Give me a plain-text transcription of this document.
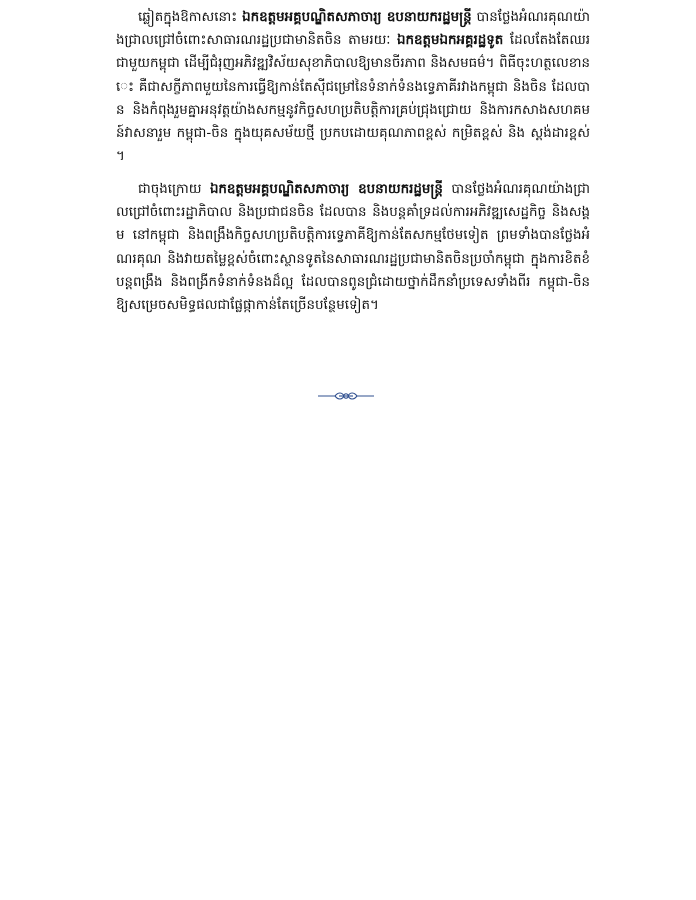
ឆ្លៀតក្នុងឱកាសនោះ ឯកឧត្តមអគ្គបណ្ឌិតសភាចារ្យ ឧបនាយករដ្ឋមន្ត្រី បានថ្លែងអំណរគុណយ៉ាងជ្រាលជ្រៅចំពោះសាធារណរដ្ឋប្រជាមានិតចិន តាមរយៈ ឯកឧត្តមឯកអគ្គរដ្ឋទូត ដែលតែងតែឈរជាមួយកម្ពុជា ដើម្បីជំរុញអភិវឌ្ឍវិស័យសុខាភិបាលឱ្យមានចីរភាព និងសមធម៌។ ពិធីចុះហត្ថលេខានេះ គឺជាសក្ខីភាពមួយនៃការធ្វើឱ្យកាន់តែស៊ីជម្រៅនៃទំនាក់ទំនងទ្វេភាគីរវាងកម្ពុជា និងចិន ដែលបាន និងកំពុងរួមគ្នាអនុវត្តយ៉ាងសកម្មនូវកិច្ចសហប្រតិបត្តិការគ្រប់ជ្រុងជ្រោយ និងការកសាងសហគមន៍វាសនារួម កម្ពុជា-ចិន ក្នុងយុគសម័យថ្មី ប្រកបដោយគុណភាពខ្ពស់ កម្រិតខ្ពស់ និង ស្តង់ដារខ្ពស់។

ជាចុងក្រោយ ឯកឧត្តមអគ្គបណ្ឌិតសភាចារ្យ ឧបនាយករដ្ឋមន្ត្រី បានថ្លែងអំណរគុណយ៉ាងជ្រាលជ្រៅចំពោះរដ្ឋាភិបាល និងប្រជាជនចិន ដែលបាន និងបន្តគាំទ្រដល់ការអភិវឌ្ឍសេដ្ឋកិច្ច និងសង្គម នៅកម្ពុជា និងពង្រឹងកិច្ចសហប្រតិបត្តិការទ្វេភាគីឱ្យកាន់តែសកម្មថែមទៀត ព្រមទាំងបានថ្លែងអំណរគុណ និងវាយតម្លៃខ្ពស់ចំពោះស្ថានទូតនៃសាធារណរដ្ឋប្រជាមានិតចិនប្រចាំកម្ពុជា ក្នុងការខិតខំបន្តពង្រឹង និងពង្រីកទំនាក់ទំនងដ៏ល្អ ដែលបានពូនជ្រំដោយថ្នាក់ដឹកនាំប្រទេសទាំងពីរ កម្ពុជា-ចិន ឱ្យសម្រេចសមិទ្ធផលជាផ្លែផ្កាកាន់តែច្រើនបន្ថែមទៀត។
